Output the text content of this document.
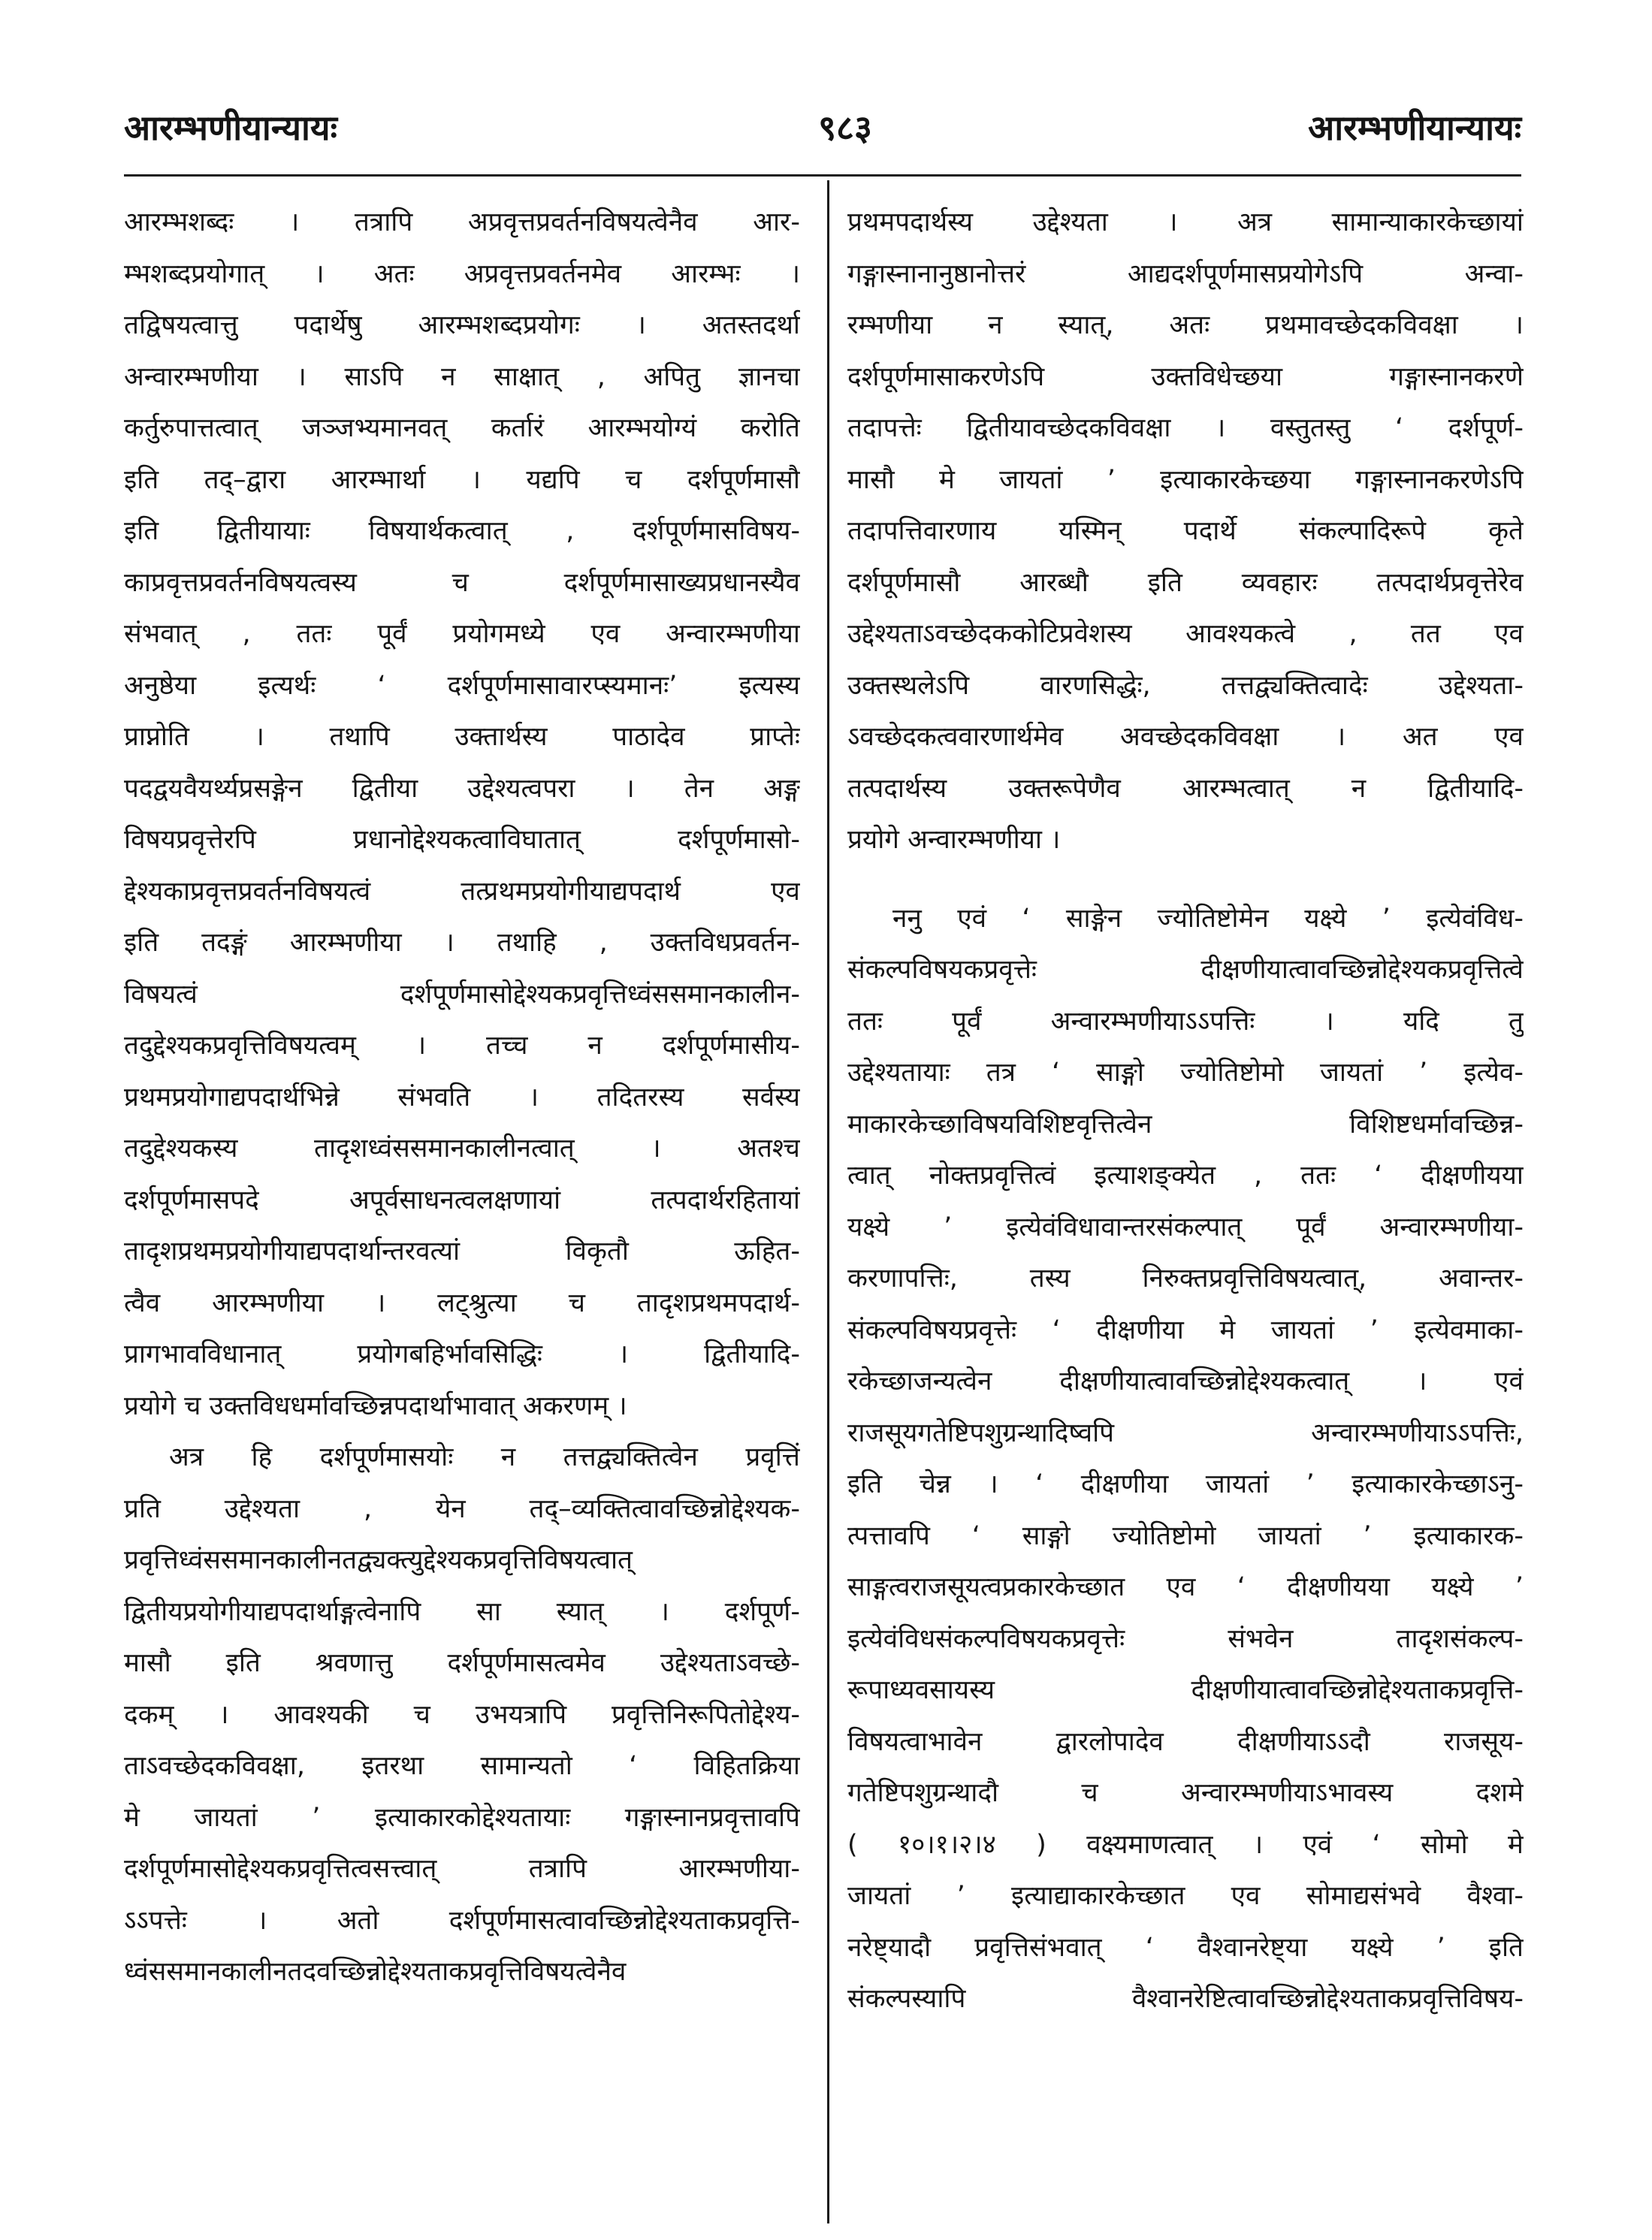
आरम्भणीयान्यायः	९८३	आरम्भणीयान्यायः
आरम्भशब्दः । तत्रापि अप्रवृत्तप्रवर्तनविषयत्वेनैव आर-
म्भशब्दप्रयोगात् । अतः अप्रवृत्तप्रवर्तनमेव आरम्भः ।
तद्विषयत्वात्तु पदार्थेषु आरम्भशब्दप्रयोगः । अतस्तदर्था
अन्वारम्भणीया । साऽपि न साक्षात् , अपितु ज्ञानचा
कर्तुरुपात्तत्वात् जञ्जभ्यमानवत् कर्तारं आरम्भयोग्यं करोति
इति तद्–द्वारा आरम्भार्था । यद्यपि च दर्शपूर्णमासौ
इति द्वितीयायाः विषयार्थकत्वात् , दर्शपूर्णमासविषय-
काप्रवृत्तप्रवर्तनविषयत्वस्य च दर्शपूर्णमासाख्यप्रधानस्यैव
संभवात् , ततः पूर्वं प्रयोगमध्ये एव अन्वारम्भणीया
अनुष्ठेया इत्यर्थः ‘ दर्शपूर्णमासावारप्स्यमानः’ इत्यस्य
प्राप्नोति । तथापि उक्तार्थस्य पाठादेव प्राप्तेः
पदद्वयवैयर्थ्यप्रसङ्गेन द्वितीया उद्देश्यत्वपरा । तेन अङ्ग
विषयप्रवृत्तेरपि प्रधानोद्देश्यकत्वाविघातात् दर्शपूर्णमासो-
द्देश्यकाप्रवृत्तप्रवर्तनविषयत्वं तत्प्रथमप्रयोगीयाद्यपदार्थ एव
इति तदङ्गं आरम्भणीया । तथाहि , उक्तविधप्रवर्तन-
विषयत्वं दर्शपूर्णमासोद्देश्यकप्रवृत्तिध्वंससमानकालीन-
तदुद्देश्यकप्रवृत्तिविषयत्वम् । तच्च न दर्शपूर्णमासीय-
प्रथमप्रयोगाद्यपदार्थभिन्ने संभवति । तदितरस्य सर्वस्य
तदुद्देश्यकस्य तादृशध्वंससमानकालीनत्वात् । अतश्च
दर्शपूर्णमासपदे अपूर्वसाधनत्वलक्षणायां तत्पदार्थरहितायां
तादृशप्रथमप्रयोगीयाद्यपदार्थान्तरवत्यां विकृतौ ऊहित-
त्वैव आरम्भणीया । लट्श्रुत्या च तादृशप्रथमपदार्थ-
प्रागभावविधानात् प्रयोगबहिर्भावसिद्धिः । द्वितीयादि-
प्रयोगे च उक्तविधधर्मावच्छिन्नपदार्थाभावात् अकरणम् ।
अत्र हि दर्शपूर्णमासयोः न तत्तद्व्यक्तित्वेन प्रवृत्तिं
प्रति उद्देश्यता , येन तद्–व्यक्तित्वावच्छिन्नोद्देश्यक-
प्रवृत्तिध्वंससमानकालीनतद्व्यक्त्युद्देश्यकप्रवृत्तिविषयत्वात्
द्वितीयप्रयोगीयाद्यपदार्थाङ्गत्वेनापि सा स्यात् । दर्शपूर्ण-
मासौ इति श्रवणात्तु दर्शपूर्णमासत्वमेव उद्देश्यताऽवच्छे-
दकम् । आवश्यकी च उभयत्रापि प्रवृत्तिनिरूपितोद्देश्य-
ताऽवच्छेदकविवक्षा, इतरथा सामान्यतो ‘ विहितक्रिया
मे जायतां ’ इत्याकारकोद्देश्यतायाः गङ्गास्नानप्रवृत्तावपि
दर्शपूर्णमासोद्देश्यकप्रवृत्तित्वसत्त्वात् तत्रापि आरम्भणीया-
ऽऽपत्तेः । अतो दर्शपूर्णमासत्वावच्छिन्नोद्देश्यताकप्रवृत्ति-
ध्वंससमानकालीनतदवच्छिन्नोद्देश्यताकप्रवृत्तिविषयत्वेनैव
प्रथमपदार्थस्य उद्देश्यता । अत्र सामान्याकारकेच्छायां
गङ्गास्नानानुष्ठानोत्तरं आद्यदर्शपूर्णमासप्रयोगेऽपि अन्वा-
रम्भणीया न स्यात्, अतः प्रथमावच्छेदकविवक्षा ।
दर्शपूर्णमासाकरणेऽपि उक्तविधेच्छया गङ्गास्नानकरणे
तदापत्तेः द्वितीयावच्छेदकविवक्षा । वस्तुतस्तु ‘ दर्शपूर्ण-
मासौ मे जायतां ’ इत्याकारकेच्छया गङ्गास्नानकरणेऽपि
तदापत्तिवारणाय यस्मिन् पदार्थे संकल्पादिरूपे कृते
दर्शपूर्णमासौ आरब्धौ इति व्यवहारः तत्पदार्थप्रवृत्तेरेव
उद्देश्यताऽवच्छेदककोटिप्रवेशस्य आवश्यकत्वे , तत एव
उक्तस्थलेऽपि वारणसिद्धेः, तत्तद्व्यक्तित्वादेः उद्देश्यता-
ऽवच्छेदकत्ववारणार्थमेव अवच्छेदकविवक्षा । अत एव
तत्पदार्थस्य उक्तरूपेणैव आरम्भत्वात् न द्वितीयादि-
प्रयोगे अन्वारम्भणीया ।
ननु एवं ‘ साङ्गेन ज्योतिष्टोमेन यक्ष्ये ’ इत्येवंविध-
संकल्पविषयकप्रवृत्तेः दीक्षणीयात्वावच्छिन्नोद्देश्यकप्रवृत्तित्वे
ततः पूर्वं अन्वारम्भणीयाऽऽपत्तिः । यदि तु
उद्देश्यतायाः तत्र ‘ साङ्गो ज्योतिष्टोमो जायतां ’ इत्येव-
माकारकेच्छाविषयविशिष्टवृत्तित्वेन विशिष्टधर्मावच्छिन्न-
त्वात् नोक्तप्रवृत्तित्वं इत्याशङ्क्येत , ततः ‘ दीक्षणीयया
यक्ष्ये ’ इत्येवंविधावान्तरसंकल्पात् पूर्वं अन्वारम्भणीया-
करणापत्तिः, तस्य निरुक्तप्रवृत्तिविषयत्वात्, अवान्तर-
संकल्पविषयप्रवृत्तेः ‘ दीक्षणीया मे जायतां ’ इत्येवमाका-
रकेच्छाजन्यत्वेन दीक्षणीयात्वावच्छिन्नोद्देश्यकत्वात् । एवं
राजसूयगतेष्टिपशुग्रन्थादिष्वपि अन्वारम्भणीयाऽऽपत्तिः,
इति चेन्न । ‘ दीक्षणीया जायतां ’ इत्याकारकेच्छाऽनु-
त्पत्तावपि ‘ साङ्गो ज्योतिष्टोमो जायतां ’ इत्याकारक-
साङ्गत्वराजसूयत्वप्रकारकेच्छात एव ‘ दीक्षणीयया यक्ष्ये ’
इत्येवंविधसंकल्पविषयकप्रवृत्तेः संभवेन तादृशसंकल्प-
रूपाध्यवसायस्य दीक्षणीयात्वावच्छिन्नोद्देश्यताकप्रवृत्ति-
विषयत्वाभावेन द्वारलोपादेव दीक्षणीयाऽऽदौ राजसूय-
गतेष्टिपशुग्रन्थादौ च अन्वारम्भणीयाऽभावस्य दशमे
( १०।१।२।४ ) वक्ष्यमाणत्वात् । एवं ‘ सोमो मे
जायतां ’ इत्याद्याकारकेच्छात एव सोमाद्यसंभवे वैश्वा-
नरेष्ट्यादौ प्रवृत्तिसंभवात् ‘ वैश्वानरेष्ट्या यक्ष्ये ’ इति
संकल्पस्यापि वैश्वानरेष्टित्वावच्छिन्नोद्देश्यताकप्रवृत्तिविषय-
